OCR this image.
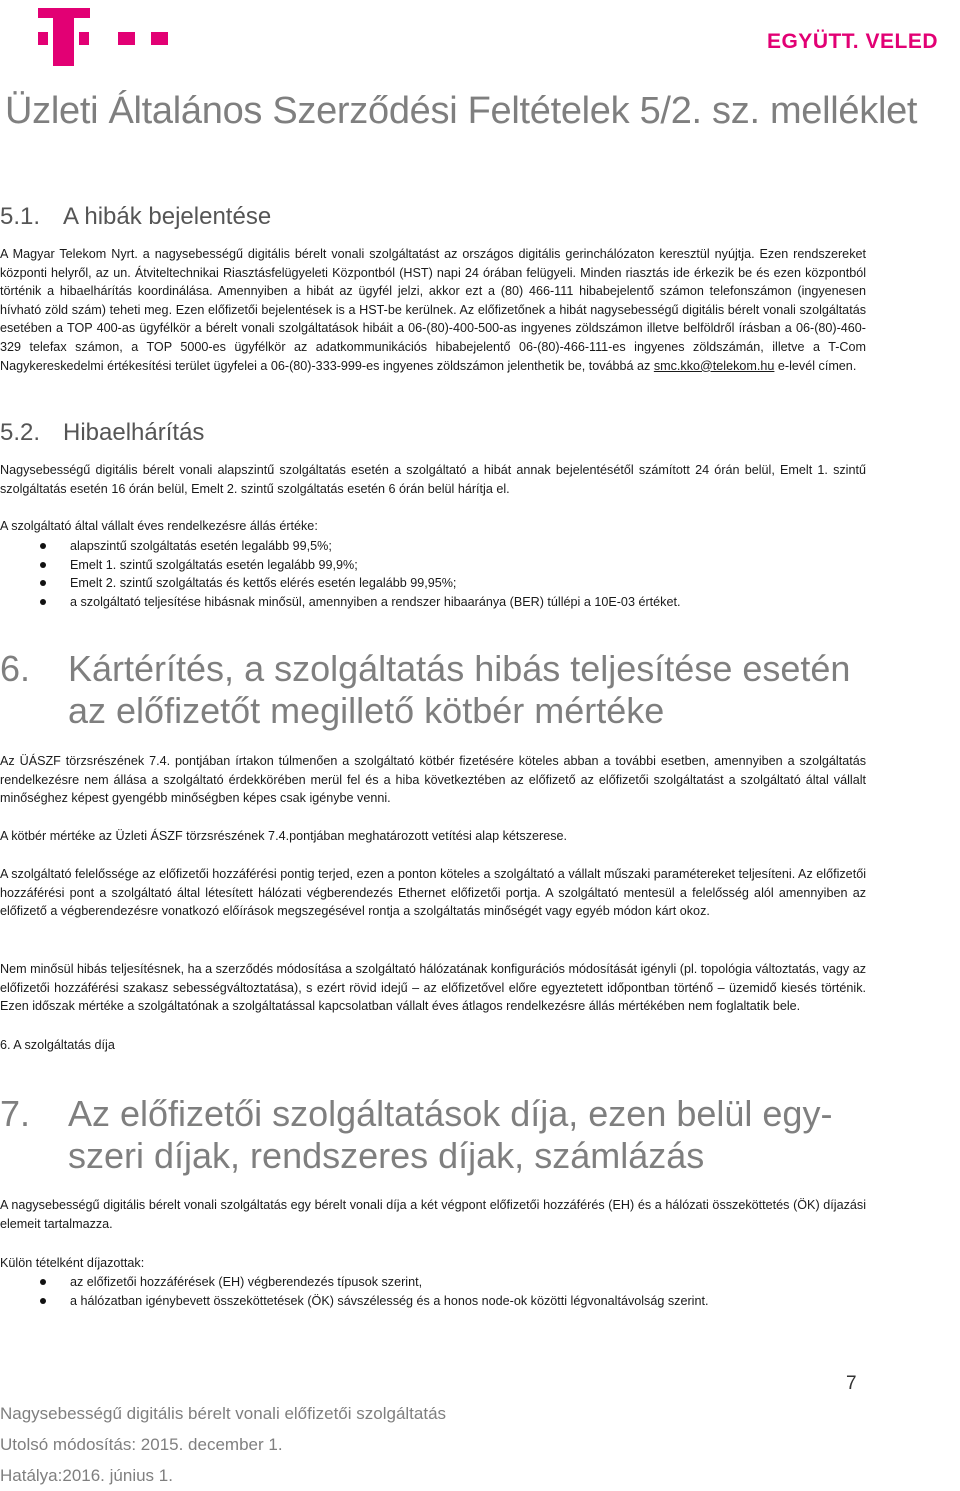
EGYÜTT. VELED
Üzleti Általános Szerződési Feltételek 5/2. sz. melléklet
5.1. A hibák bejelentése
A Magyar Telekom Nyrt. a nagysebességű digitális bérelt vonali szolgáltatást az országos digitális gerinchálózaton keresztül nyújtja. Ezen rendszereket központi helyről, az un. Átviteltechnikai Riasztásfelügyeleti Központból (HST) napi 24 órában felügyeli. Minden riasztás ide érkezik be és ezen központból történik a hibaelhárítás koordinálása. Amennyiben a hibát az ügyfél jelzi, akkor ezt a (80) 466-111 hibabejelentő számon telefonszámon (ingyenesen hívható zöld szám) teheti meg. Ezen előfizetői bejelentések is a HST-be kerülnek. Az előfizetőnek a hibát nagysebességű digitális bérelt vonali szolgáltatás esetében a TOP 400-as ügyfélkör a bérelt vonali szolgáltatások hibáit a 06-(80)-400-500-as ingyenes zöldszámon illetve belföldről írásban a 06-(80)-460-329 telefax számon, a TOP 5000-es ügyfélkör az adatkommunikációs hibabejelentő 06-(80)-466-111-es ingyenes zöldszámán, illetve a T-Com Nagykereskedelmi értékesítési terület ügyfelei a 06-(80)-333-999-es ingyenes zöldszámon jelenthetik be, továbbá az smc.kko@telekom.hu e-levél címen.
5.2. Hibaelhárítás
Nagysebességű digitális bérelt vonali alapszintű szolgáltatás esetén a szolgáltató a hibát annak bejelentésétől számított 24 órán belül, Emelt 1. szintű szolgáltatás esetén 16 órán belül, Emelt 2. szintű szolgáltatás esetén 6 órán belül hárítja el.
A szolgáltató által vállalt éves rendelkezésre állás értéke:
alapszintű szolgáltatás esetén legalább 99,5%;
Emelt 1. szintű szolgáltatás esetén legalább 99,9%;
Emelt 2. szintű szolgáltatás és kettős elérés esetén legalább 99,95%;
a szolgáltató teljesítése hibásnak minősül, amennyiben a rendszer hibaaránya (BER) túllépi a 10E-03 értéket.
6. Kártérítés, a szolgáltatás hibás teljesítése esetén
az előfizetőt megillető kötbér mértéke
Az ÜÁSZF törzsrészének 7.4. pontjában írtakon túlmenően a szolgáltató kötbér fizetésére köteles abban a további esetben, amennyiben a szolgáltatás rendelkezésre nem állása a szolgáltató érdekkörében merül fel és a hiba következtében az előfizető az előfizetői szolgáltatást a szolgáltató által vállalt minőséghez képest gyengébb minőségben képes csak igénybe venni.
A kötbér mértéke az Üzleti ÁSZF törzsrészének 7.4.pontjában meghatározott vetítési alap kétszerese.
A szolgáltató felelőssége az előfizetői hozzáférési pontig terjed, ezen a ponton köteles a szolgáltató a vállalt műszaki paramétereket teljesíteni. Az előfizetői hozzáférési pont a szolgáltató által létesített hálózati végberendezés Ethernet előfizetői portja. A szolgáltató mentesül a felelősség alól amennyiben az előfizető a végberendezésre vonatkozó előírások megszegésével rontja a szolgáltatás minőségét vagy egyéb módon kárt okoz.
Nem minősül hibás teljesítésnek, ha a szerződés módosítása a szolgáltató hálózatának konfigurációs módosítását igényli (pl. topológia változtatás, vagy az előfizetői hozzáférési szakasz sebességváltoztatása), s ezért rövid idejű – az előfizetővel előre egyeztetett időpontban történő – üzemidő kiesés történik. Ezen időszak mértéke a szolgáltatónak a szolgáltatással kapcsolatban vállalt éves átlagos rendelkezésre állás mértékében nem foglaltatik bele.
6. A szolgáltatás díja
7. Az előfizetői szolgáltatások díja, ezen belül egy-
szeri díjak, rendszeres díjak, számlázás
A nagysebességű digitális bérelt vonali szolgáltatás egy bérelt vonali díja a két végpont előfizetői hozzáférés (EH) és a hálózati összeköttetés (ÖK) díjazási elemeit tartalmazza.
Külön tételként díjazottak:
az előfizetői hozzáférések (EH) végberendezés típusok szerint,
a hálózatban igénybevett összeköttetések (ÖK) sávszélesség és a honos node-ok közötti légvonaltávolság szerint.
7
Nagysebességű digitális bérelt vonali előfizetői szolgáltatás
Utolsó módosítás: 2015. december 1.
Hatálya:2016. június 1.
